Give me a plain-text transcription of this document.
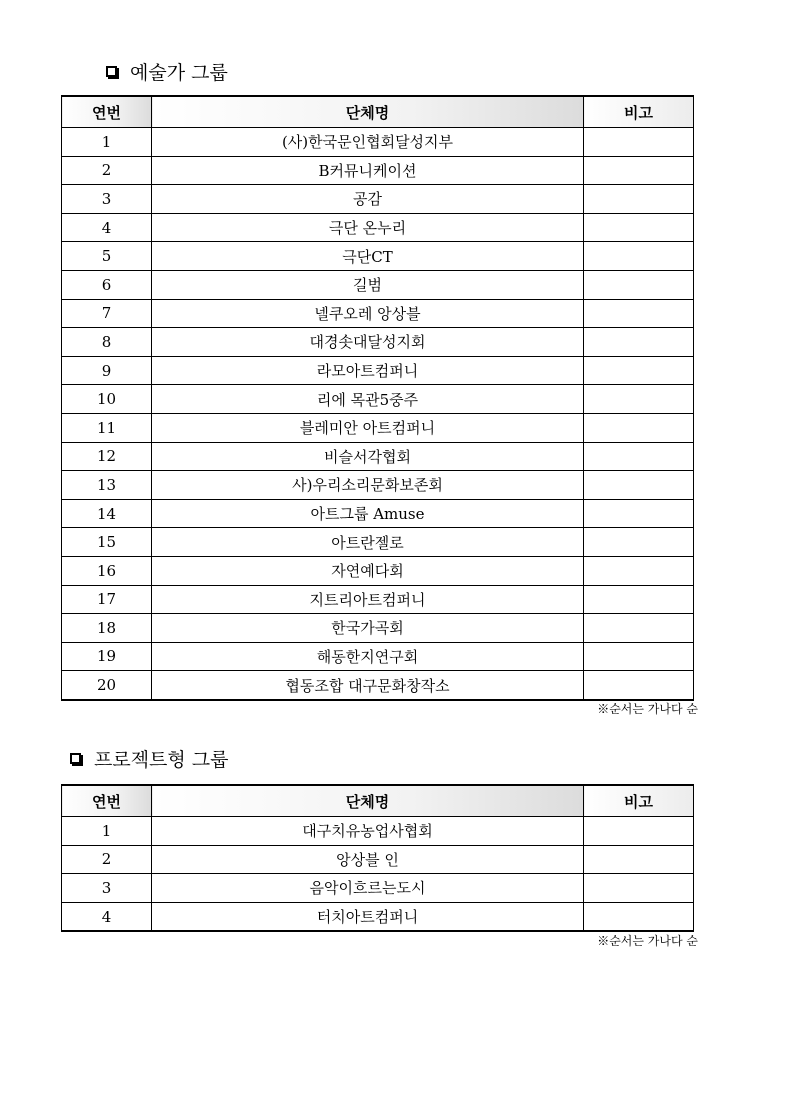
예술가 그룹
연번	단체명	비고
1	(사)한국문인협회달성지부	
2	B커뮤니케이션	
3	공감	
4	극단 온누리	
5	극단CT	
6	길범	
7	넬쿠오레 앙상블	
8	대경솟대달성지회	
9	라모아트컴퍼니	
10	리에 목관5중주	
11	블레미안 아트컴퍼니	
12	비슬서각협회	
13	사)우리소리문화보존회	
14	아트그룹 Amuse	
15	아트란젤로	
16	자연예다회	
17	지트리아트컴퍼니	
18	한국가곡회	
19	해동한지연구회	
20	협동조합 대구문화창작소	
※순서는 가나다 순
프로젝트형 그룹
연번	단체명	비고
1	대구치유농업사협회	
2	앙상블 인	
3	음악이흐르는도시	
4	터치아트컴퍼니	
※순서는 가나다 순
